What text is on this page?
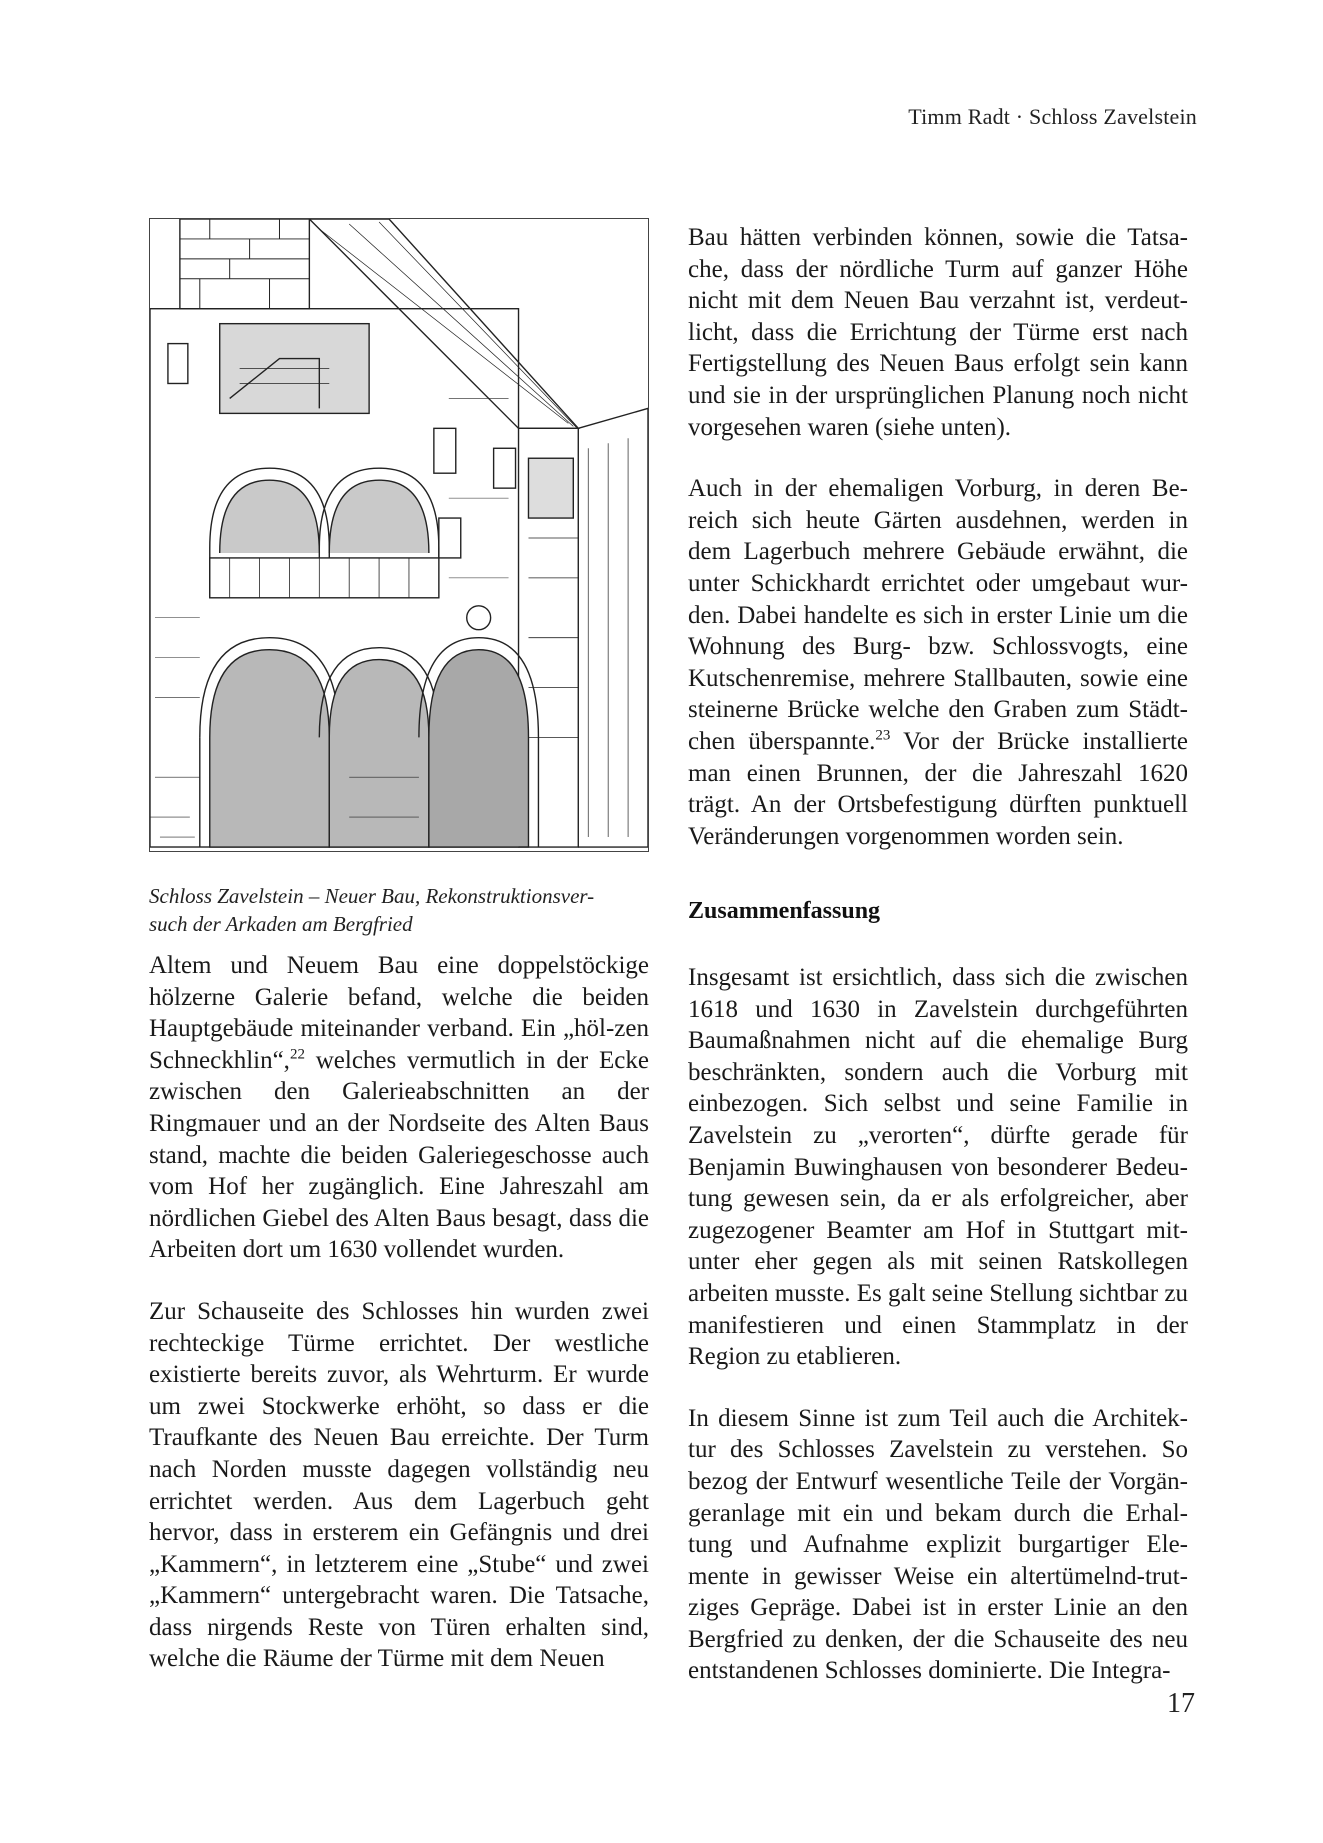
Timm Radt · Schloss Zavelstein
Schloss Zavelstein – Neuer Bau, Rekonstruktionsver-
such der Arkaden am Bergfried

Altem und Neuem Bau eine doppelstöckige hölzerne Galerie befand, welche die beiden Hauptgebäude miteinander verband. Ein „höl-zen Schneckhlin“,$^{22}$ welches vermutlich in der Ecke zwischen den Galerieabschnitten an der Ringmauer und an der Nordseite des Alten Baus stand, machte die beiden Galeriegeschosse auch vom Hof her zugänglich. Eine Jahreszahl am nördlichen Giebel des Alten Baus besagt, dass die Arbeiten dort um 1630 vollendet wurden.

Zur Schauseite des Schlosses hin wurden zwei rechteckige Türme errichtet. Der westliche existierte bereits zuvor, als Wehrturm. Er wurde um zwei Stockwerke erhöht, so dass er die Traufkante des Neuen Bau erreichte. Der Turm nach Norden musste dagegen vollständig neu errichtet werden. Aus dem Lagerbuch geht hervor, dass in ersterem ein Gefängnis und drei „Kammern“, in letzterem eine „Stube“ und zwei „Kammern“ untergebracht waren. Die Tatsache, dass nirgends Reste von Türen erhalten sind, welche die Räume der Türme mit dem Neuen

Bau hätten verbinden können, sowie die Tatsa-che, dass der nördliche Turm auf ganzer Höhe nicht mit dem Neuen Bau verzahnt ist, verdeut-licht, dass die Errichtung der Türme erst nach Fertigstellung des Neuen Baus erfolgt sein kann und sie in der ursprünglichen Planung noch nicht vorgesehen waren (siehe unten).

Auch in der ehemaligen Vorburg, in deren Be-reich sich heute Gärten ausdehnen, werden in dem Lagerbuch mehrere Gebäude erwähnt, die unter Schickhardt errichtet oder umgebaut wur-den. Dabei handelte es sich in erster Linie um die Wohnung des Burg- bzw. Schlossvogts, eine Kutschenremise, mehrere Stallbauten, sowie eine steinerne Brücke welche den Graben zum Städt-chen überspannte.$^{23}$ Vor der Brücke installierte man einen Brunnen, der die Jahreszahl 1620 trägt. An der Ortsbefestigung dürften punktuell Veränderungen vorgenommen worden sein.

Zusammenfassung

Insgesamt ist ersichtlich, dass sich die zwischen 1618 und 1630 in Zavelstein durchgeführten Baumaßnahmen nicht auf die ehemalige Burg beschränkten, sondern auch die Vorburg mit einbezogen. Sich selbst und seine Familie in Zavelstein zu „verorten“, dürfte gerade für Benjamin Buwinghausen von besonderer Bedeu-tung gewesen sein, da er als erfolgreicher, aber zugezogener Beamter am Hof in Stuttgart mit-unter eher gegen als mit seinen Ratskollegen arbeiten musste. Es galt seine Stellung sichtbar zu manifestieren und einen Stammplatz in der Region zu etablieren.

In diesem Sinne ist zum Teil auch die Architek-tur des Schlosses Zavelstein zu verstehen. So bezog der Entwurf wesentliche Teile der Vorgän-geranlage mit ein und bekam durch die Erhal-tung und Aufnahme explizit burgartiger Ele-mente in gewisser Weise ein altertümelnd-trut-ziges Gepräge. Dabei ist in erster Linie an den Bergfried zu denken, der die Schauseite des neu entstandenen Schlosses dominierte. Die Integra-

17
